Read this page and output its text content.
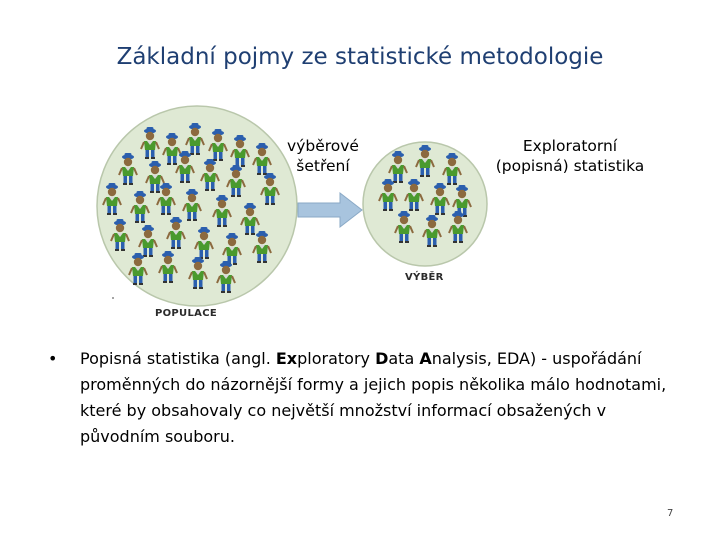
Základní pojmy ze statistické metodologie
výběrové
šetření
Exploratorní
(popisná) statistika
POPULACE
VÝBĚR
• Popisná statistika (angl. Exploratory Data Analysis, EDA) - uspořádání proměnných do názornější formy a jejich popis několika málo hodnotami, které by obsahovaly co největší množství informací obsažených v původním souboru.
7
